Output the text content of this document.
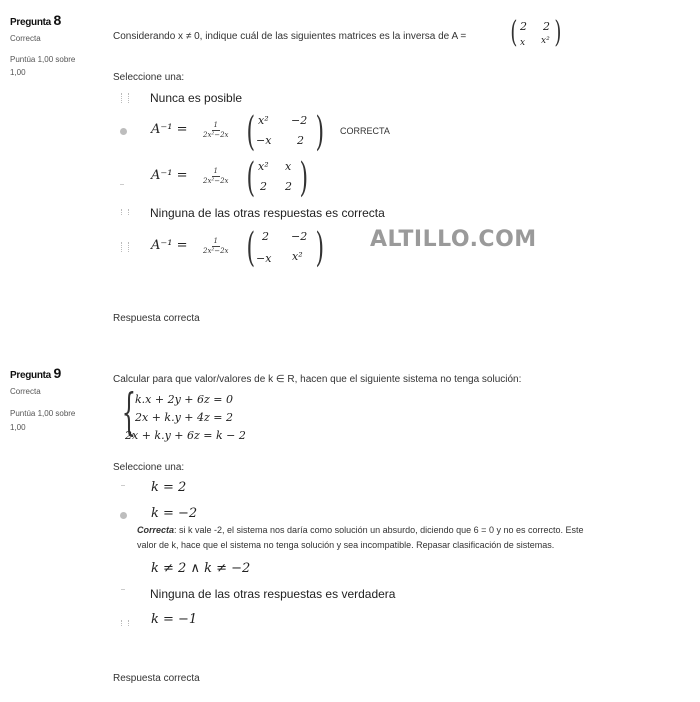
Pregunta 8
Correcta
Puntúa 1,00 sobre
1,00
Considerando x ≠ 0, indique cuál de las siguientes matrices es la inversa de A = ( 2 2
x x² )
Seleccione una:
Nunca es posible
$A^{-1} = \frac{1}{\text{2x²−2x}}$ ( x² −2
−x 2 ) CORRECTA
$A^{-1} = \frac{1}{\text{2x²−2x}}$ ( x² x
2 2 )
Ninguna de las otras respuestas es correcta
$A^{-1} = \frac{1}{\text{2x²−2x}}$ ( 2 −2
−x x² ) ALTILLO.COM
Respuesta correcta
Pregunta 9
Correcta
Puntúa 1,00 sobre
1,00
Calcular para que valor/valores de k ∈ R, hacen que el siguiente sistema no tenga solución:
{
k.x + 2y + 6z = 0
2x + k.y + 4z = 2
2x + k.y + 6z = k − 2
Seleccione una:
k = 2
k = −2
Correcta: si k vale -2, el sistema nos daría como solución un absurdo, diciendo que 6 = 0 y no es correcto. Este
valor de k, hace que el sistema no tenga solución y sea incompatible. Repasar clasificación de sistemas.
k ≠ 2 ∧ k ≠ −2
Ninguna de las otras respuestas es verdadera
k = −1
Respuesta correcta
